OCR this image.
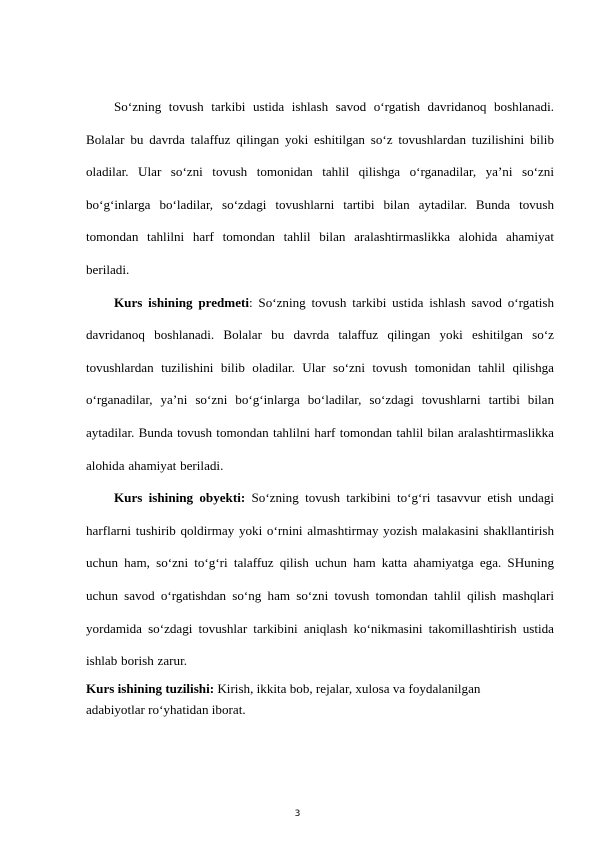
So‘zning tovush tarkibi ustida ishlash savod o‘rgatish davridanoq boshlanadi. Bolalar bu davrda talaffuz qilingan yoki eshitilgan so‘z tovushlardan tuzilishini bilib oladilar. Ular so‘zni tovush tomonidan tahlil qilishga o‘rganadilar, ya’ni so‘zni bo‘g‘inlarga bo‘ladilar, so‘zdagi tovushlarni tartibi bilan aytadilar. Bunda tovush tomondan tahlilni harf tomondan tahlil bilan aralashtirmaslikka alohida ahamiyat beriladi.

Kurs ishining predmeti: So‘zning tovush tarkibi ustida ishlash savod o‘rgatish davridanoq boshlanadi. Bolalar bu davrda talaffuz qilingan yoki eshitilgan so‘z tovushlardan tuzilishini bilib oladilar. Ular so‘zni tovush tomonidan tahlil qilishga o‘rganadilar, ya’ni so‘zni bo‘g‘inlarga bo‘ladilar, so‘zdagi tovushlarni tartibi bilan aytadilar. Bunda tovush tomondan tahlilni harf tomondan tahlil bilan aralashtirmaslikka alohida ahamiyat beriladi.

Kurs ishining obyekti: So‘zning tovush tarkibini to‘g‘ri tasavvur etish undagi harflarni tushirib qoldirmay yoki o‘rnini almashtirmay yozish malakasini shakllantirish uchun ham, so‘zni to‘g‘ri talaffuz qilish uchun ham katta ahamiyatga ega. SHuning uchun savod o‘rgatishdan so‘ng ham so‘zni tovush tomondan tahlil qilish mashqlari yordamida so‘zdagi tovushlar tarkibini aniqlash ko‘nikmasini takomillashtirish ustida ishlab borish zarur.

Kurs ishining tuzilishi: Kirish, ikkita bob, rejalar, xulosa va foydalanilgan adabiyotlar ro‘yhatidan iborat.

3
